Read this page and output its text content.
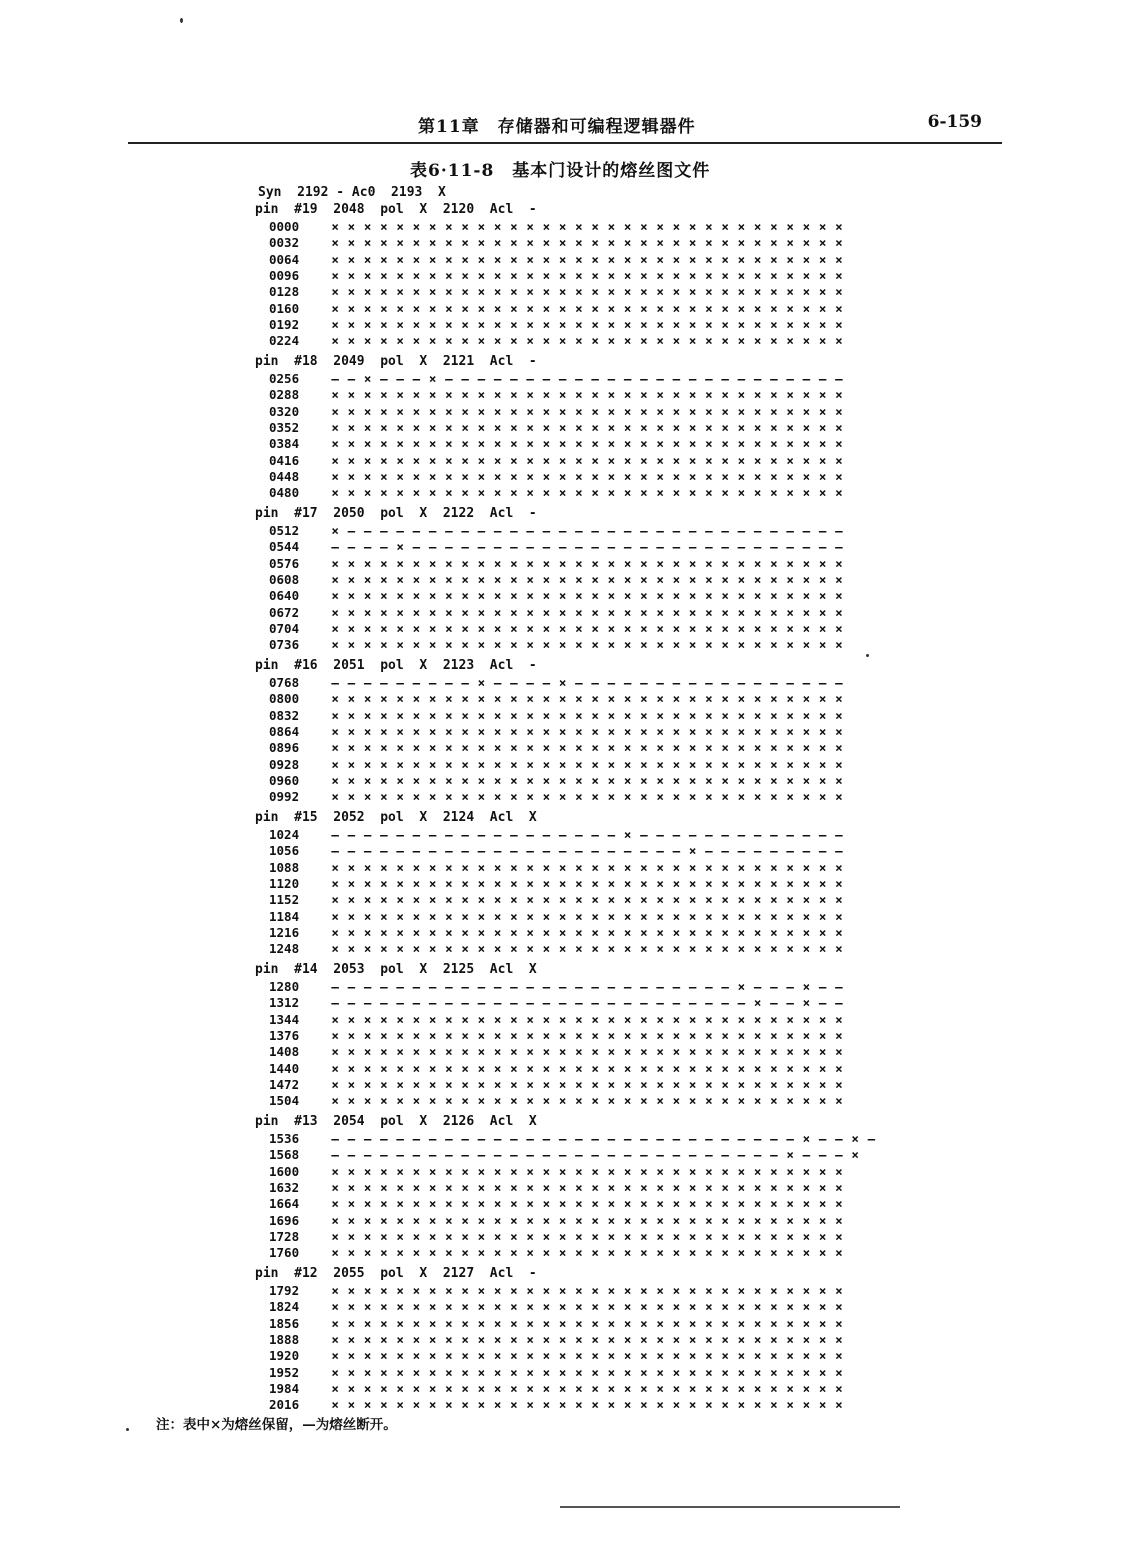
第11章　存储器和可编程逻辑器件	6-159
表6·11-8　基本门设计的熔丝图文件
Syn  2192 - Ac0  2193  X
pin  #19  2048  pol  X  2120  Acl  -
0000	× × × × × × × × × × × × × × × × × × × × × × × × × × × × × × × ×
0032	× × × × × × × × × × × × × × × × × × × × × × × × × × × × × × × ×
0064	× × × × × × × × × × × × × × × × × × × × × × × × × × × × × × × ×
0096	× × × × × × × × × × × × × × × × × × × × × × × × × × × × × × × ×
0128	× × × × × × × × × × × × × × × × × × × × × × × × × × × × × × × ×
0160	× × × × × × × × × × × × × × × × × × × × × × × × × × × × × × × ×
0192	× × × × × × × × × × × × × × × × × × × × × × × × × × × × × × × ×
0224	× × × × × × × × × × × × × × × × × × × × × × × × × × × × × × × ×
pin  #18  2049  pol  X  2121  Acl  -
0256	– – × – – – × – – – – – – – – – – – – – – – – – – – – – – – – –
0288	× × × × × × × × × × × × × × × × × × × × × × × × × × × × × × × ×
0320	× × × × × × × × × × × × × × × × × × × × × × × × × × × × × × × ×
0352	× × × × × × × × × × × × × × × × × × × × × × × × × × × × × × × ×
0384	× × × × × × × × × × × × × × × × × × × × × × × × × × × × × × × ×
0416	× × × × × × × × × × × × × × × × × × × × × × × × × × × × × × × ×
0448	× × × × × × × × × × × × × × × × × × × × × × × × × × × × × × × ×
0480	× × × × × × × × × × × × × × × × × × × × × × × × × × × × × × × ×
pin  #17  2050  pol  X  2122  Acl  -
0512	× – – – – – – – – – – – – – – – – – – – – – – – – – – – – – – –
0544	– – – – × – – – – – – – – – – – – – – – – – – – – – – – – – – –
0576	× × × × × × × × × × × × × × × × × × × × × × × × × × × × × × × ×
0608	× × × × × × × × × × × × × × × × × × × × × × × × × × × × × × × ×
0640	× × × × × × × × × × × × × × × × × × × × × × × × × × × × × × × ×
0672	× × × × × × × × × × × × × × × × × × × × × × × × × × × × × × × ×
0704	× × × × × × × × × × × × × × × × × × × × × × × × × × × × × × × ×
0736	× × × × × × × × × × × × × × × × × × × × × × × × × × × × × × × ×
pin  #16  2051  pol  X  2123  Acl  -
0768	– – – – – – – – – × – – – – × – – – – – – – – – – – – – – – – –
0800	× × × × × × × × × × × × × × × × × × × × × × × × × × × × × × × ×
0832	× × × × × × × × × × × × × × × × × × × × × × × × × × × × × × × ×
0864	× × × × × × × × × × × × × × × × × × × × × × × × × × × × × × × ×
0896	× × × × × × × × × × × × × × × × × × × × × × × × × × × × × × × ×
0928	× × × × × × × × × × × × × × × × × × × × × × × × × × × × × × × ×
0960	× × × × × × × × × × × × × × × × × × × × × × × × × × × × × × × ×
0992	× × × × × × × × × × × × × × × × × × × × × × × × × × × × × × × ×
pin  #15  2052  pol  X  2124  Acl  X
1024	– – – – – – – – – – – – – – – – – – × – – – – – – – – – – – – –
1056	– – – – – – – – – – – – – – – – – – – – – – × – – – – – – – – –
1088	× × × × × × × × × × × × × × × × × × × × × × × × × × × × × × × ×
1120	× × × × × × × × × × × × × × × × × × × × × × × × × × × × × × × ×
1152	× × × × × × × × × × × × × × × × × × × × × × × × × × × × × × × ×
1184	× × × × × × × × × × × × × × × × × × × × × × × × × × × × × × × ×
1216	× × × × × × × × × × × × × × × × × × × × × × × × × × × × × × × ×
1248	× × × × × × × × × × × × × × × × × × × × × × × × × × × × × × × ×
pin  #14  2053  pol  X  2125  Acl  X
1280	– – – – – – – – – – – – – – – – – – – – – – – – – × – – – × – –
1312	– – – – – – – – – – – – – – – – – – – – – – – – – – × – – × – –
1344	× × × × × × × × × × × × × × × × × × × × × × × × × × × × × × × ×
1376	× × × × × × × × × × × × × × × × × × × × × × × × × × × × × × × ×
1408	× × × × × × × × × × × × × × × × × × × × × × × × × × × × × × × ×
1440	× × × × × × × × × × × × × × × × × × × × × × × × × × × × × × × ×
1472	× × × × × × × × × × × × × × × × × × × × × × × × × × × × × × × ×
1504	× × × × × × × × × × × × × × × × × × × × × × × × × × × × × × × ×
pin  #13  2054  pol  X  2126  Acl  X
1536	– – – – – – – – – – – – – – – – – – – – – – – – – – – – – × – – × –
1568	– – – – – – – – – – – – – – – – – – – – – – – – – – – – × – – – ×
1600	× × × × × × × × × × × × × × × × × × × × × × × × × × × × × × × ×
1632	× × × × × × × × × × × × × × × × × × × × × × × × × × × × × × × ×
1664	× × × × × × × × × × × × × × × × × × × × × × × × × × × × × × × ×
1696	× × × × × × × × × × × × × × × × × × × × × × × × × × × × × × × ×
1728	× × × × × × × × × × × × × × × × × × × × × × × × × × × × × × × ×
1760	× × × × × × × × × × × × × × × × × × × × × × × × × × × × × × × ×
pin  #12  2055  pol  X  2127  Acl  -
1792	× × × × × × × × × × × × × × × × × × × × × × × × × × × × × × × ×
1824	× × × × × × × × × × × × × × × × × × × × × × × × × × × × × × × ×
1856	× × × × × × × × × × × × × × × × × × × × × × × × × × × × × × × ×
1888	× × × × × × × × × × × × × × × × × × × × × × × × × × × × × × × ×
1920	× × × × × × × × × × × × × × × × × × × × × × × × × × × × × × × ×
1952	× × × × × × × × × × × × × × × × × × × × × × × × × × × × × × × ×
1984	× × × × × × × × × × × × × × × × × × × × × × × × × × × × × × × ×
2016	× × × × × × × × × × × × × × × × × × × × × × × × × × × × × × × ×
注：表中×为熔丝保留，—为熔丝断开。
